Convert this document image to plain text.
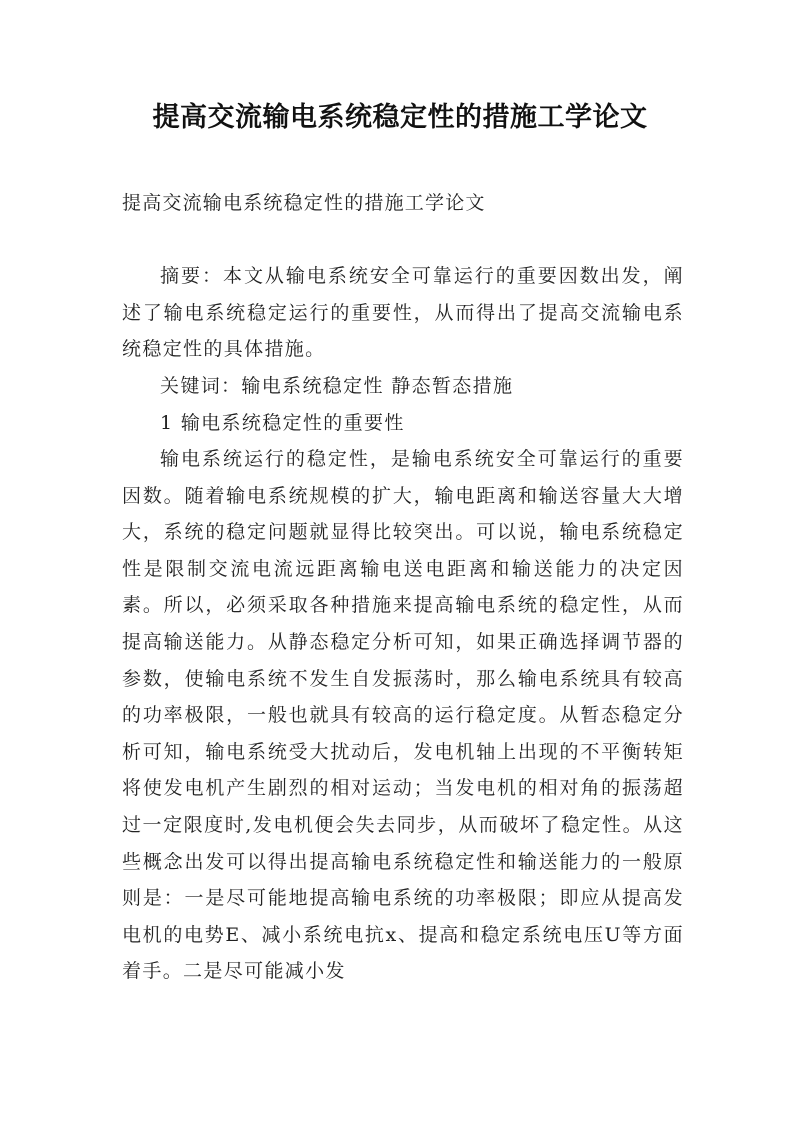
提高交流输电系统稳定性的措施工学论文
提高交流输电系统稳定性的措施工学论文

摘要：本文从输电系统安全可靠运行的重要因数出发，阐述了输电系统稳定运行的重要性，从而得出了提高交流输电系统稳定性的具体措施。

关键词：输电系统稳定性 静态暂态措施

1 输电系统稳定性的重要性

输电系统运行的稳定性，是输电系统安全可靠运行的重要因数。随着输电系统规模的扩大，输电距离和输送容量大大增大，系统的稳定问题就显得比较突出。可以说，输电系统稳定性是限制交流电流远距离输电送电距离和输送能力的决定因素。所以，必须采取各种措施来提高输电系统的稳定性，从而提高输送能力。从静态稳定分析可知，如果正确选择调节器的参数，使输电系统不发生自发振荡时，那么输电系统具有较高的功率极限，一般也就具有较高的运行稳定度。从暂态稳定分析可知，输电系统受大扰动后，发电机轴上出现的不平衡转矩将使发电机产生剧烈的相对运动；当发电机的相对角的振荡超过一定限度时,发电机便会失去同步，从而破坏了稳定性。从这些概念出发可以得出提高输电系统稳定性和输送能力的一般原则是：一是尽可能地提高输电系统的功率极限；即应从提高发电机的电势E、减小系统电抗x、提高和稳定系统电压U等方面着手。二是尽可能减小发
